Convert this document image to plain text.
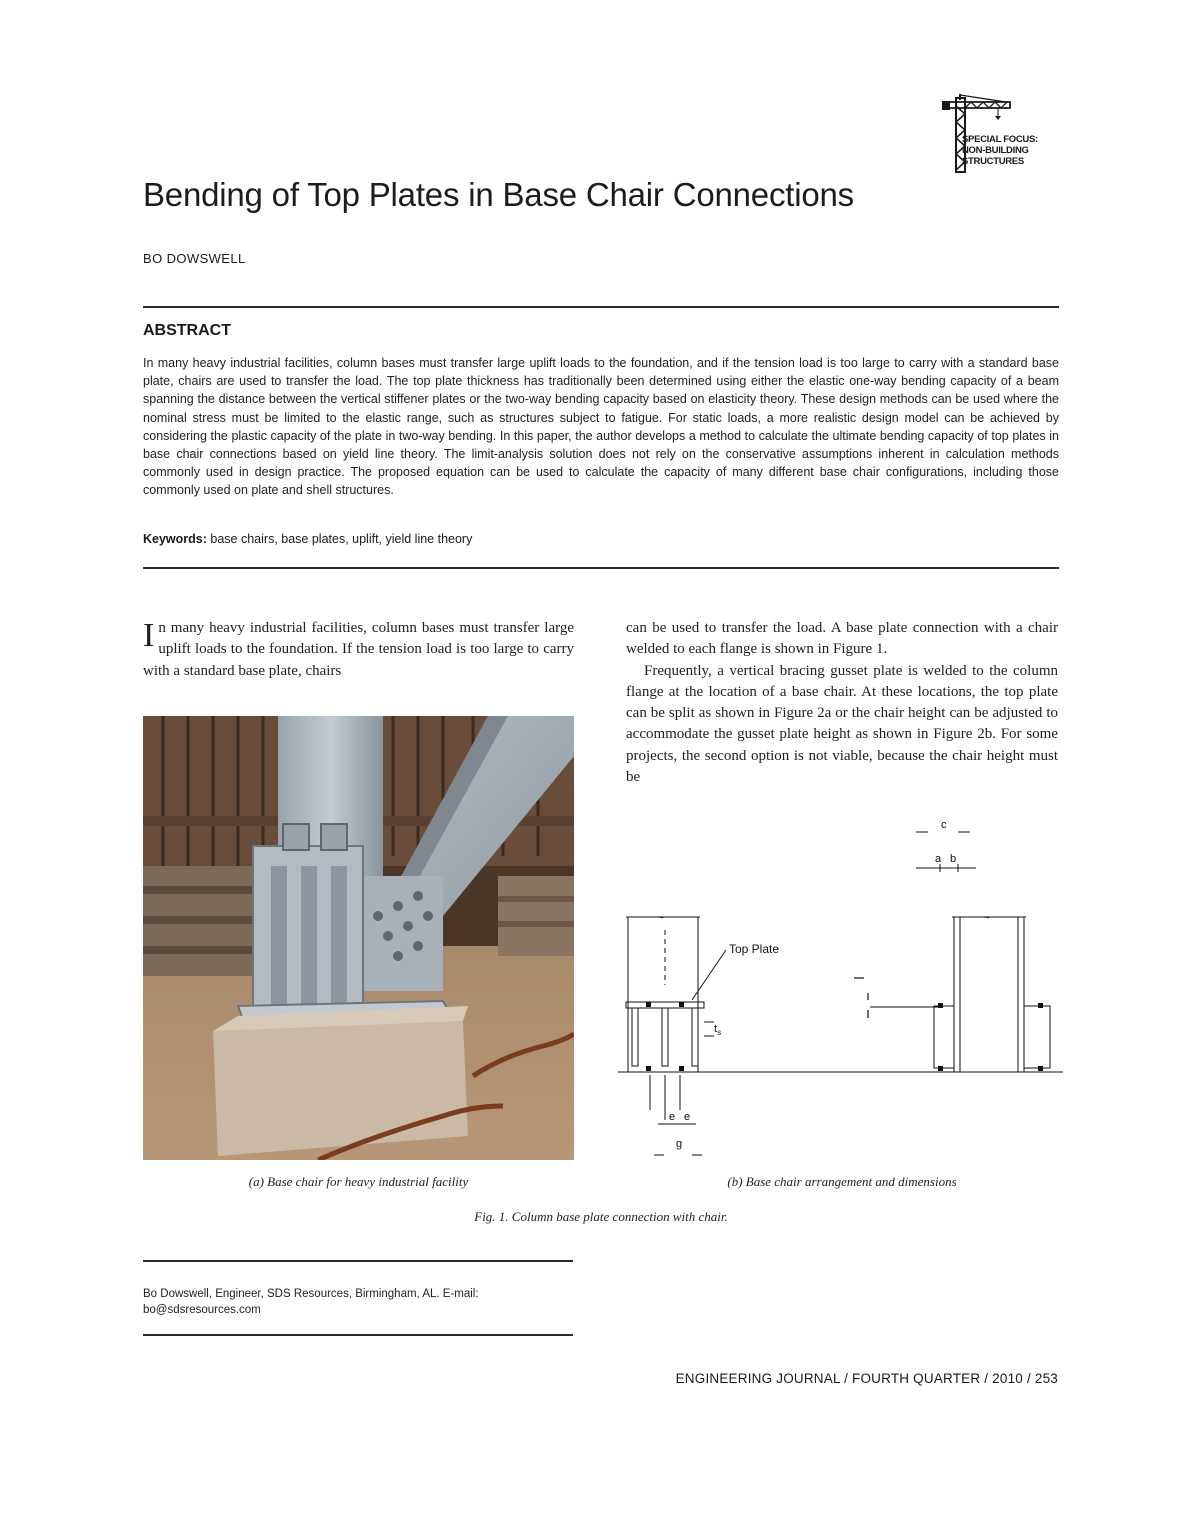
SPECIAL FOCUS:
NON-BUILDING
STRUCTURES
Bending of Top Plates in Base Chair Connections
BO DOWSWELL
ABSTRACT
In many heavy industrial facilities, column bases must transfer large uplift loads to the foundation, and if the tension load is too large to carry with a standard base plate, chairs are used to transfer the load. The top plate thickness has traditionally been determined using either the elastic one-way bending capacity of a beam spanning the distance between the vertical stiffener plates or the two-way bending capacity based on elasticity theory. These design methods can be used where the nominal stress must be limited to the elastic range, such as structures subject to fatigue. For static loads, a more realistic design model can be achieved by considering the plastic capacity of the plate in two-way bending. In this paper, the author develops a method to calculate the ultimate bending capacity of top plates in base chair connections based on yield line theory. The limit-analysis solution does not rely on the conservative assumptions inherent in calculation methods commonly used in design practice. The proposed equation can be used to calculate the capacity of many different base chair configurations, including those commonly used on plate and shell structures.
Keywords: base chairs, base plates, uplift, yield line theory
In many heavy industrial facilities, column bases must transfer large uplift loads to the foundation. If the tension load is too large to carry with a standard base plate, chairs

can be used to transfer the load. A base plate connection with a chair welded to each flange is shown in Figure 1.

Frequently, a vertical bracing gusset plate is welded to the column flange at the location of a base chair. At these locations, the top plate can be split as shown in Figure 2a or the chair height can be adjusted to accommodate the gusset plate height as shown in Figure 2b. For some projects, the second option is not viable, because the chair height must be

c
a b
~
Top Plate
$t_s$
e e
g
~
(a) Base chair for heavy industrial facility	(b) Base chair arrangement and dimensions
Fig. 1. Column base plate connection with chair.
Bo Dowswell, Engineer, SDS Resources, Birmingham, AL. E-mail: bo@sdsresources.com
ENGINEERING JOURNAL / FOURTH QUARTER / 2010 / 253
